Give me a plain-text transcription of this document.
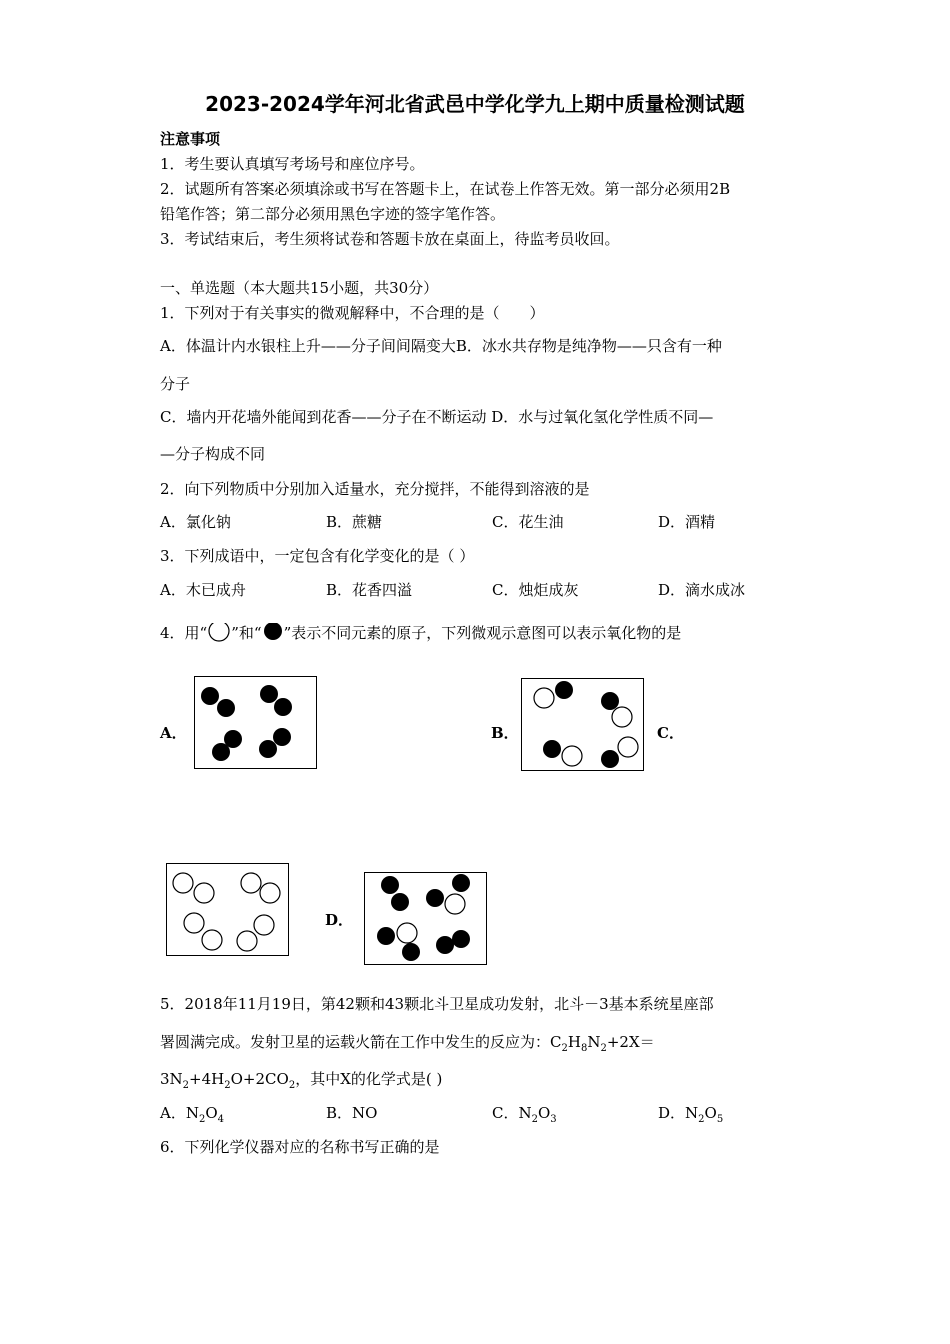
2023-2024学年河北省武邑中学化学九上期中质量检测试题
注意事项
1．考生要认真填写考场号和座位序号。
2．试题所有答案必须填涂或书写在答题卡上，在试卷上作答无效。第一部分必须用2B
铅笔作答；第二部分必须用黑色字迹的签字笔作答。
3．考试结束后，考生须将试卷和答题卡放在桌面上，待监考员收回。
一、单选题（本大题共15小题，共30分）
1．下列对于有关事实的微观解释中，不合理的是（　　）
A．体温计内水银柱上升——分子间间隔变大B．冰水共存物是纯净物——只含有一种
分子
C．墙内开花墙外能闻到花香——分子在不断运动 D．水与过氧化氢化学性质不同—
—分子构成不同
2．向下列物质中分别加入适量水，充分搅拌，不能得到溶液的是
A．氯化钠	B．蔗糖	C．花生油	D．酒精
3．下列成语中，一定包含有化学变化的是（ ）
A．木已成舟	B．花香四溢	C．烛炬成灰	D．滴水成冰
4．用“ ”和“ ”表示不同元素的原子，下列微观示意图可以表示氧化物的是
A．	B．	C．
D．
5．2018年11月19日，第42颗和43颗北斗卫星成功发射，北斗－3基本系统星座部
署圆满完成。发射卫星的运载火箭在工作中发生的反应为：$C_2H_8N_2+2X=$
$3N_2+4H_2O+2CO_2$，其中X的化学式是( )
A．$N_2O_4$	B．NO	C．$N_2O_3$	D．$N_2O_5$
6．下列化学仪器对应的名称书写正确的是
